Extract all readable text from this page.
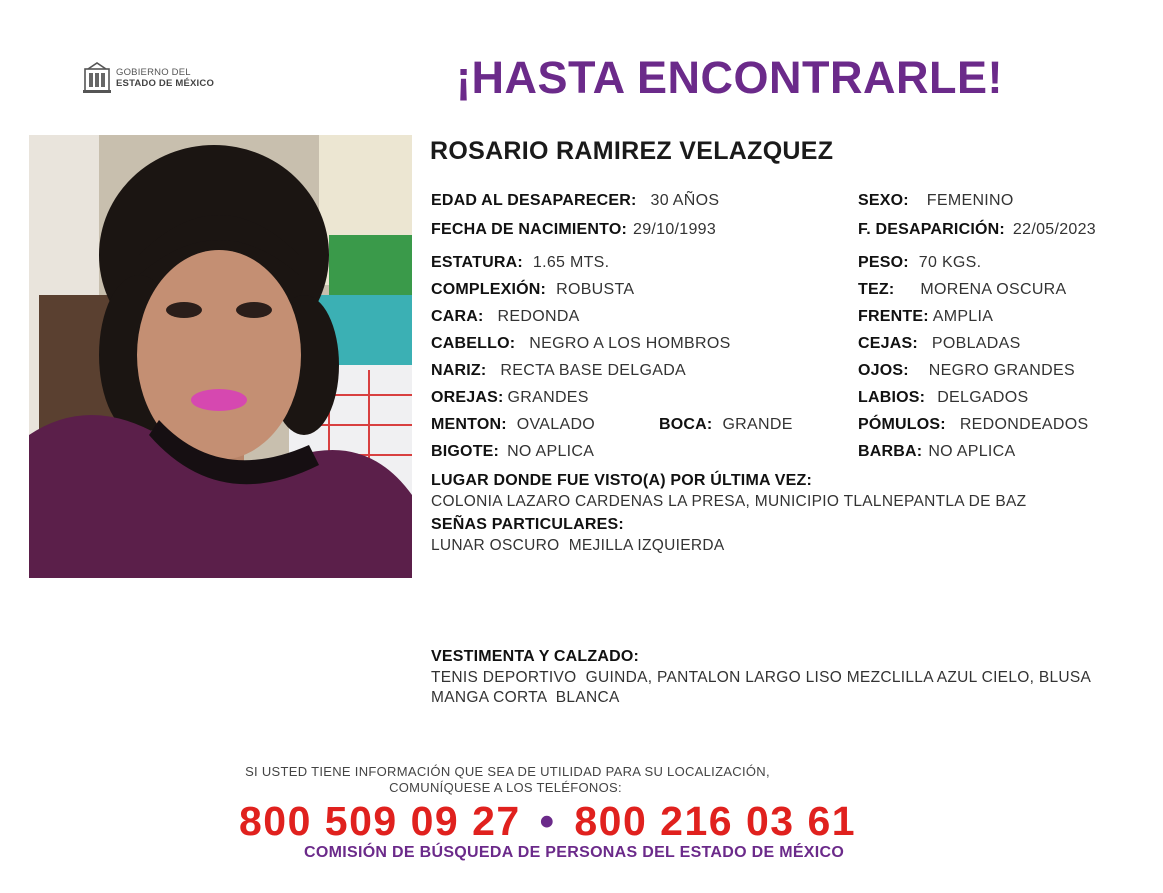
GOBIERNO DEL
ESTADO DE MÉXICO	¡HASTA ENCONTRARLE!
ROSARIO RAMIREZ VELAZQUEZ
EDAD AL DESAPARECER: 30 AÑOS
FECHA DE NACIMIENTO: 29/10/1993
ESTATURA: 1.65 MTS.
COMPLEXIÓN: ROBUSTA
CARA: REDONDA
CABELLO: NEGRO A LOS HOMBROS
NARIZ: RECTA BASE DELGADA
OREJAS: GRANDES
MENTON: OVALADO	BOCA: GRANDE
BIGOTE: NO APLICA
SEXO: FEMENINO
F. DESAPARICIÓN: 22/05/2023
PESO: 70 KGS.
TEZ: MORENA OSCURA
FRENTE: AMPLIA
CEJAS: POBLADAS
OJOS: NEGRO GRANDES
LABIOS: DELGADOS
PÓMULOS: REDONDEADOS
BARBA: NO APLICA
LUGAR DONDE FUE VISTO(A) POR ÚLTIMA VEZ:
COLONIA LAZARO CARDENAS LA PRESA, MUNICIPIO TLALNEPANTLA DE BAZ
SEÑAS PARTICULARES:
LUNAR OSCURO  MEJILLA IZQUIERDA
VESTIMENTA Y CALZADO:
TENIS DEPORTIVO  GUINDA, PANTALON LARGO LISO MEZCLILLA AZUL CIELO, BLUSA
MANGA CORTA  BLANCA
SI USTED TIENE INFORMACIÓN QUE SEA DE UTILIDAD PARA SU LOCALIZACIÓN,
COMUNÍQUESE A LOS TELÉFONOS:
800 509 09 27 • 800 216 03 61
COMISIÓN DE BÚSQUEDA DE PERSONAS DEL ESTADO DE MÉXICO
